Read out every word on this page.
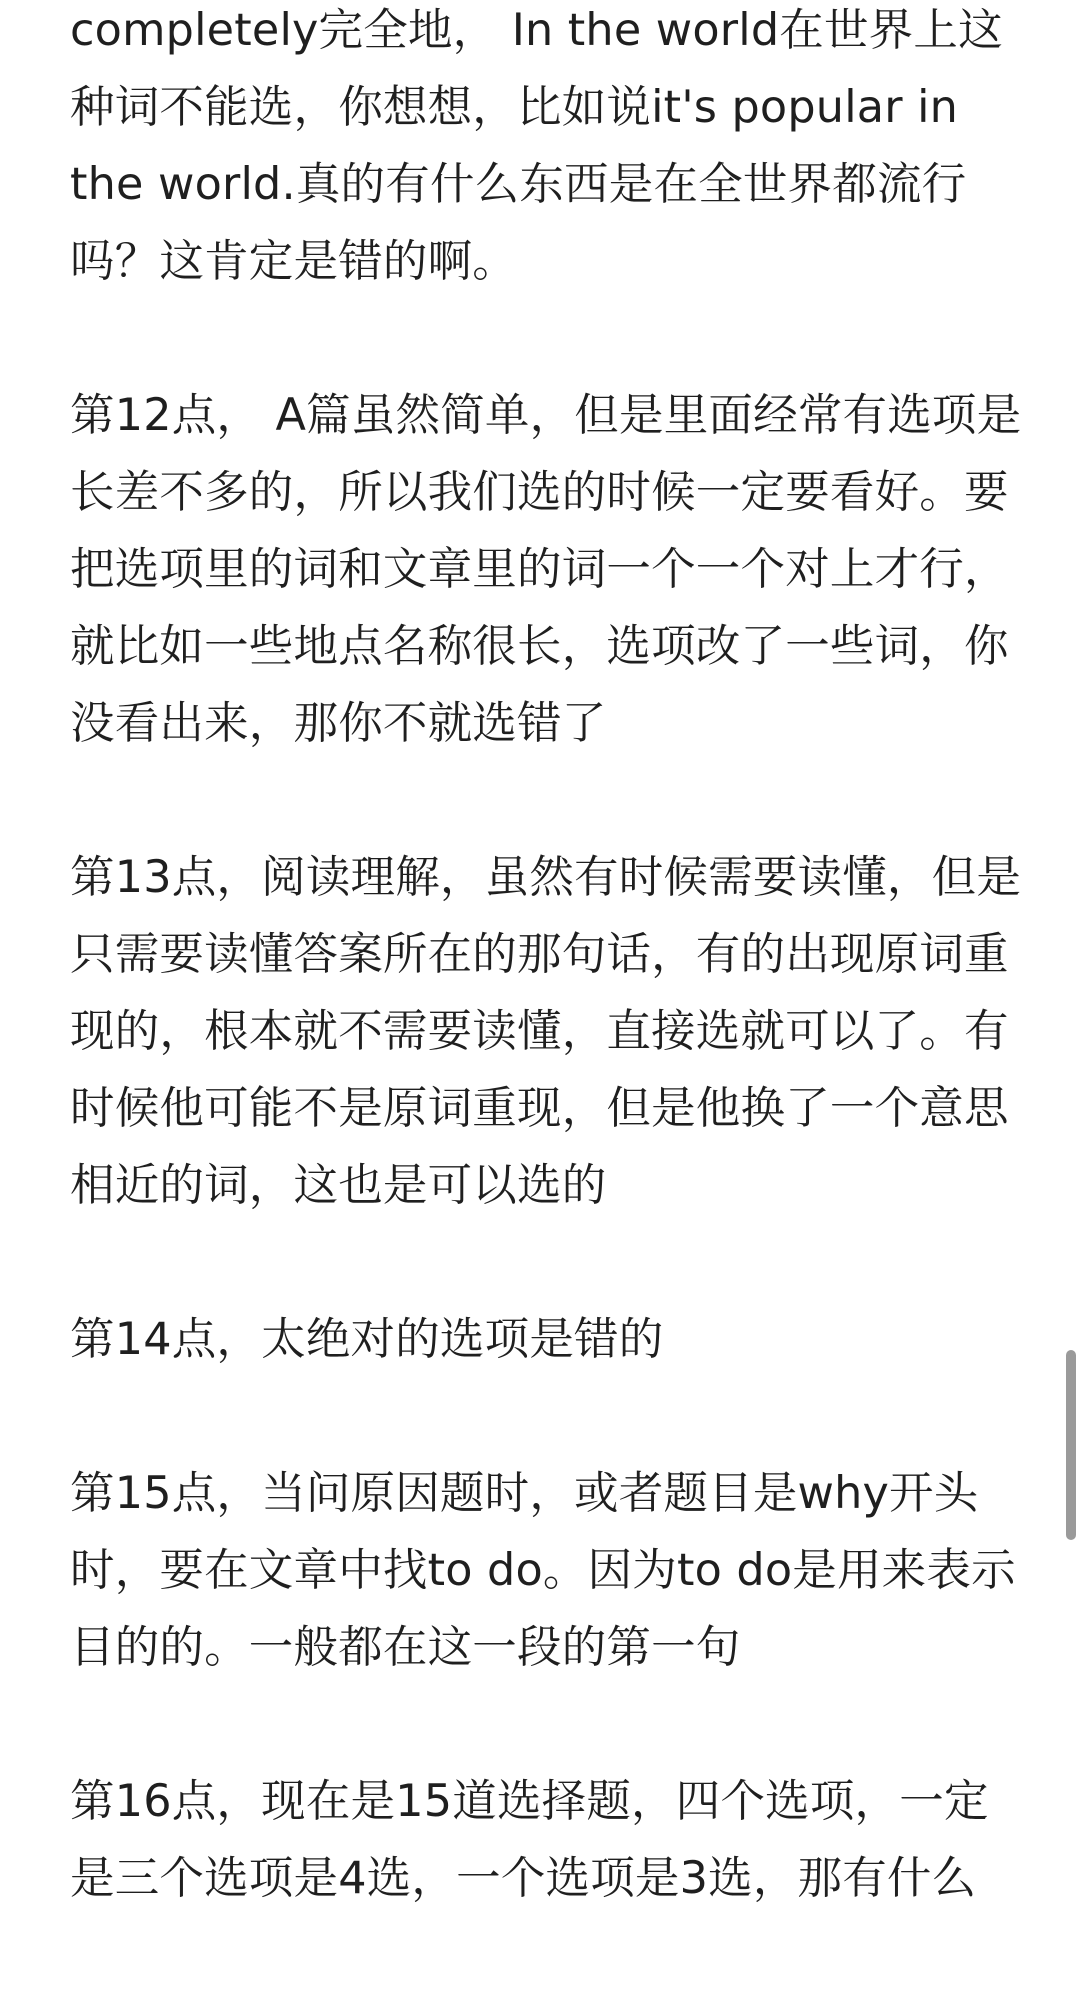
completely完全地， In the world在世界上这种词不能选，你想想，比如说it's popular in the world.真的有什么东西是在全世界都流行吗？这肯定是错的啊。

第12点， A篇虽然简单，但是里面经常有选项是长差不多的，所以我们选的时候一定要看好。要把选项里的词和文章里的词一个一个对上才行，就比如一些地点名称很长，选项改了一些词，你没看出来，那你不就选错了

第13点，阅读理解，虽然有时候需要读懂，但是只需要读懂答案所在的那句话，有的出现原词重现的，根本就不需要读懂，直接选就可以了。有时候他可能不是原词重现，但是他换了一个意思相近的词，这也是可以选的

第14点，太绝对的选项是错的

第15点，当问原因题时，或者题目是why开头时，要在文章中找to do。因为to do是用来表示目的的。一般都在这一段的第一句

第16点，现在是15道选择题，四个选项，一定是三个选项是4选，一个选项是3选，那有什么
